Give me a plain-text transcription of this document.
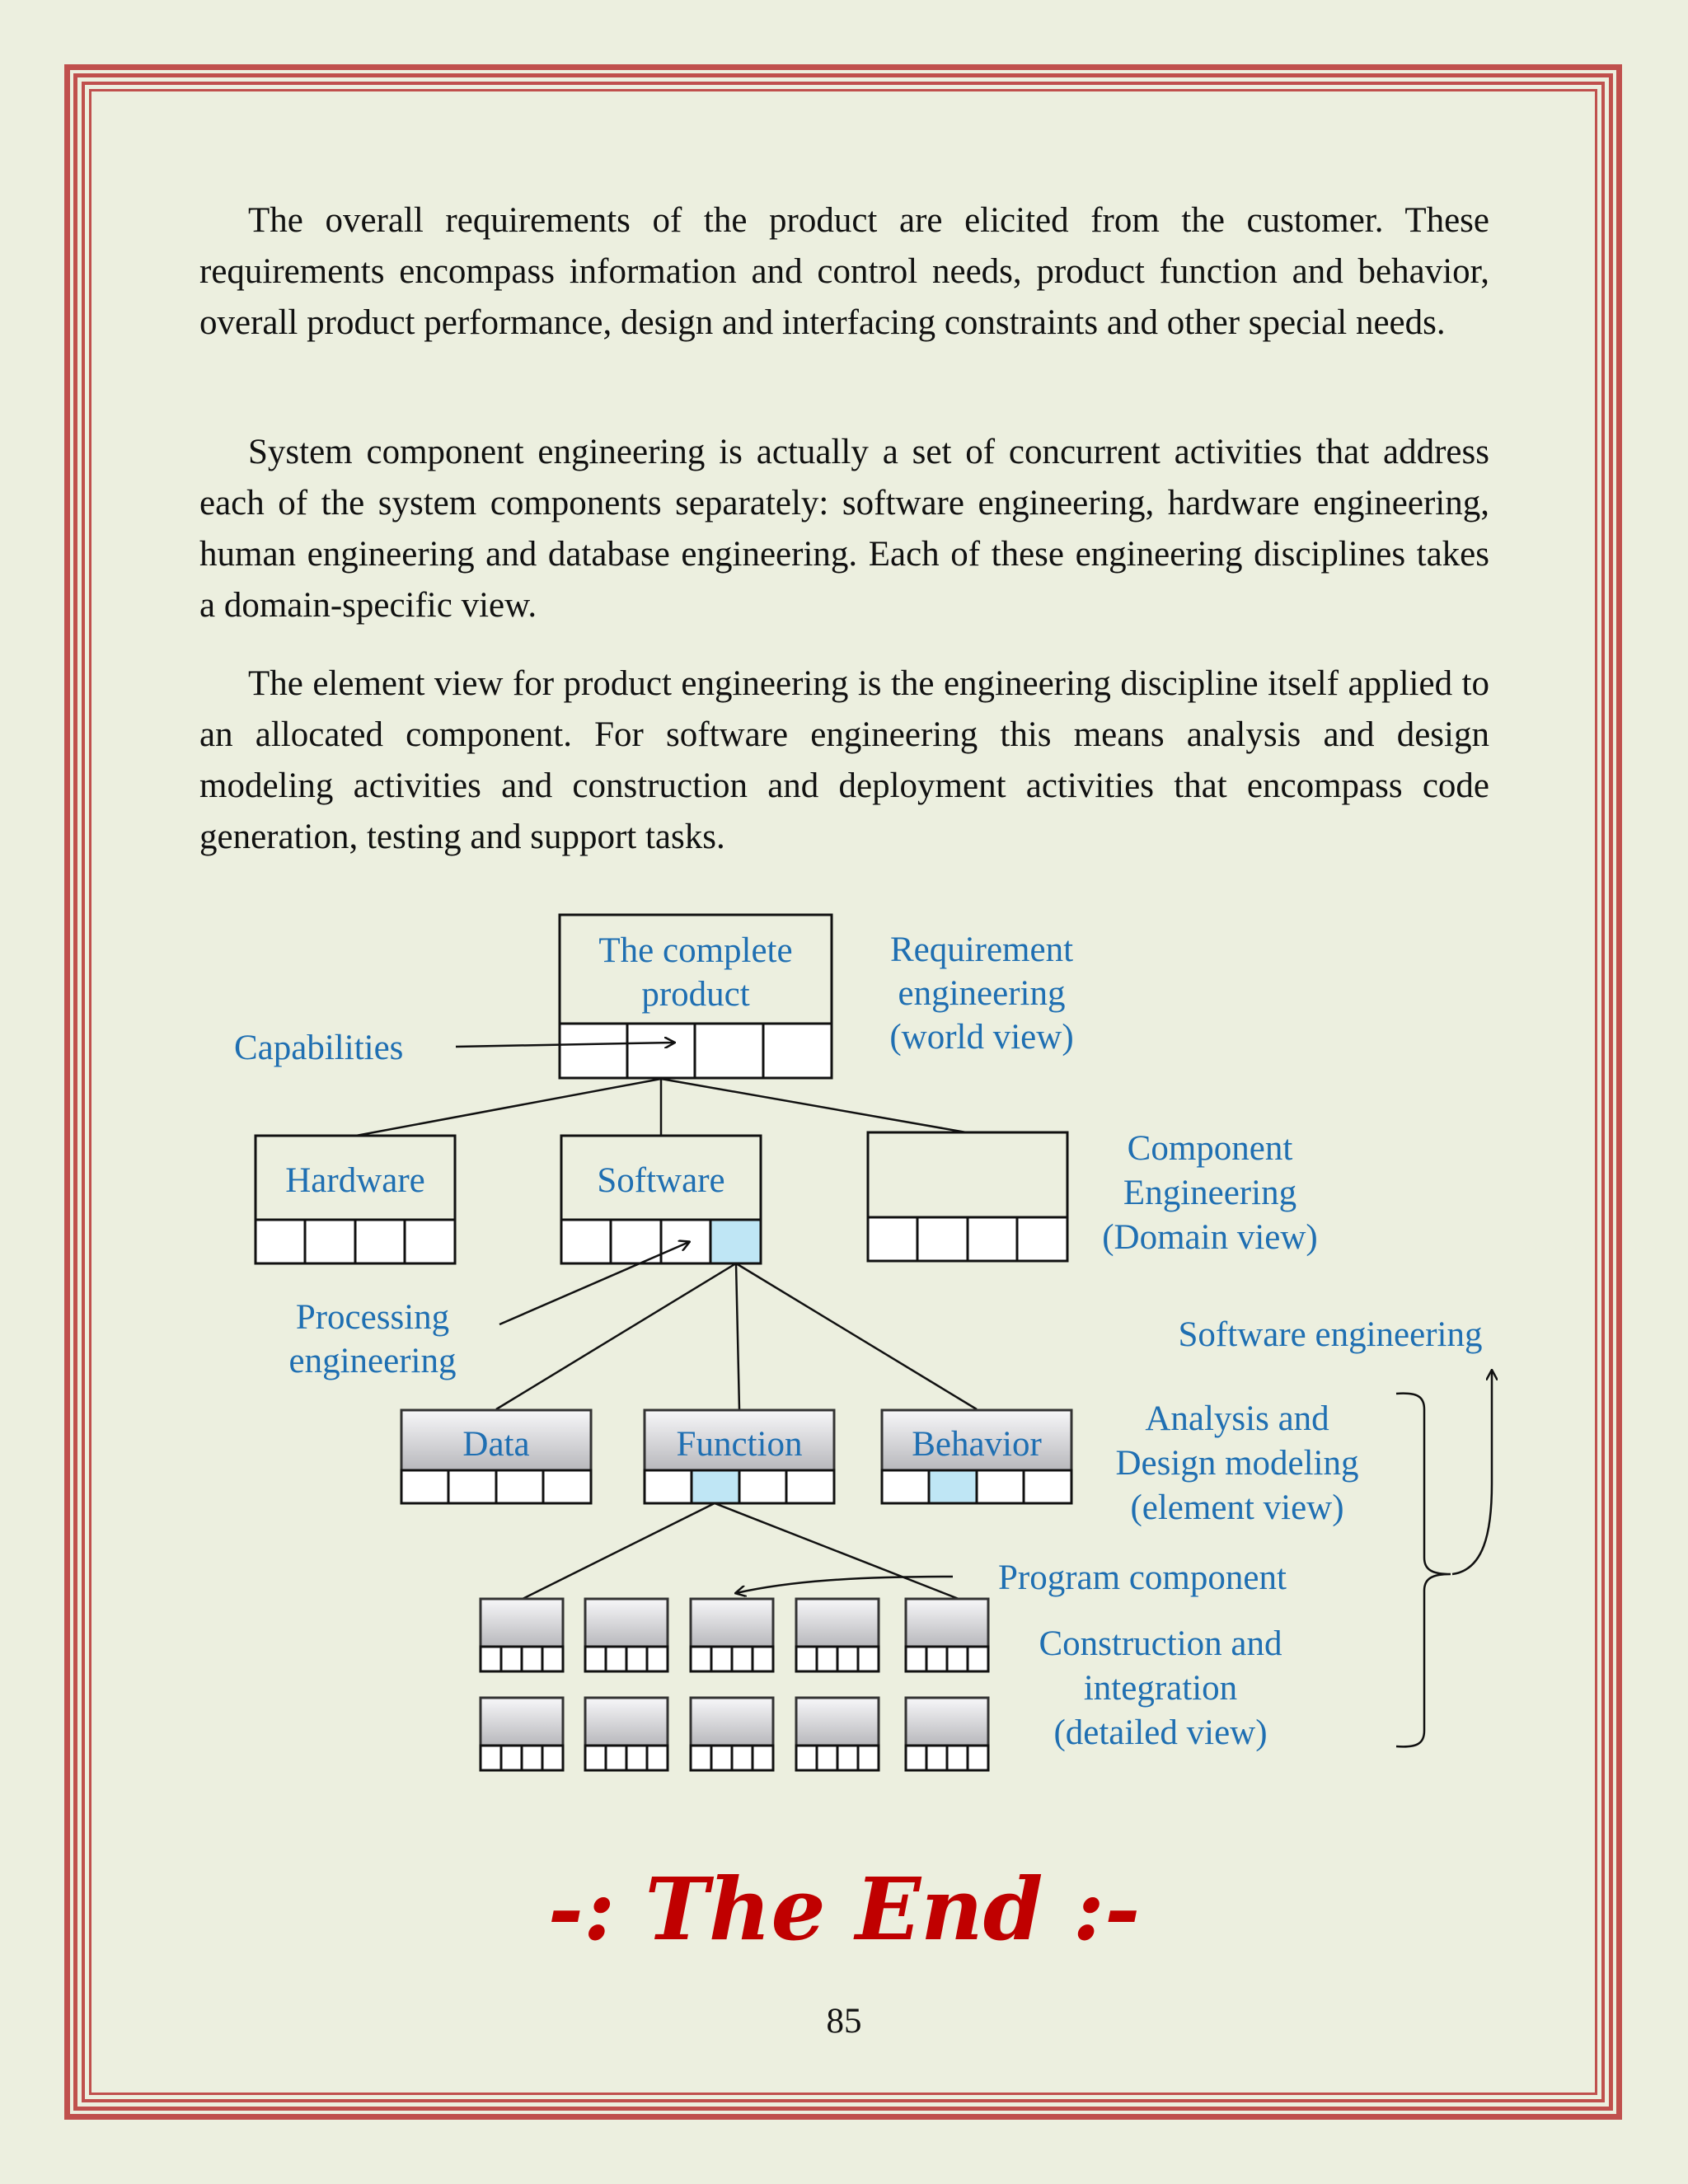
The overall requirements of the product are elicited from the customer. These requirements encompass information and control needs, product function and behavior, overall product performance, design and interfacing constraints and other special needs.

System component engineering is actually a set of concurrent activities that address each of the system components separately: software engineering, hardware engineering, human engineering and database engineering. Each of these engineering disciplines takes a domain-specific view.

The element view for product engineering is the engineering discipline itself applied to an allocated component. For software engineering this means analysis and design modeling activities and construction and deployment activities that encompass code generation, testing and support tasks.

The complete
product
Requirement
engineering
(world view)
Capabilities
Hardware	Software
Component
Engineering
(Domain view)
Processing
engineering
Software engineering
Data	Function	Behavior
Analysis and
Design modeling
(element view)
Program component
Construction and
integration
(detailed view)

-: The End :-

85
